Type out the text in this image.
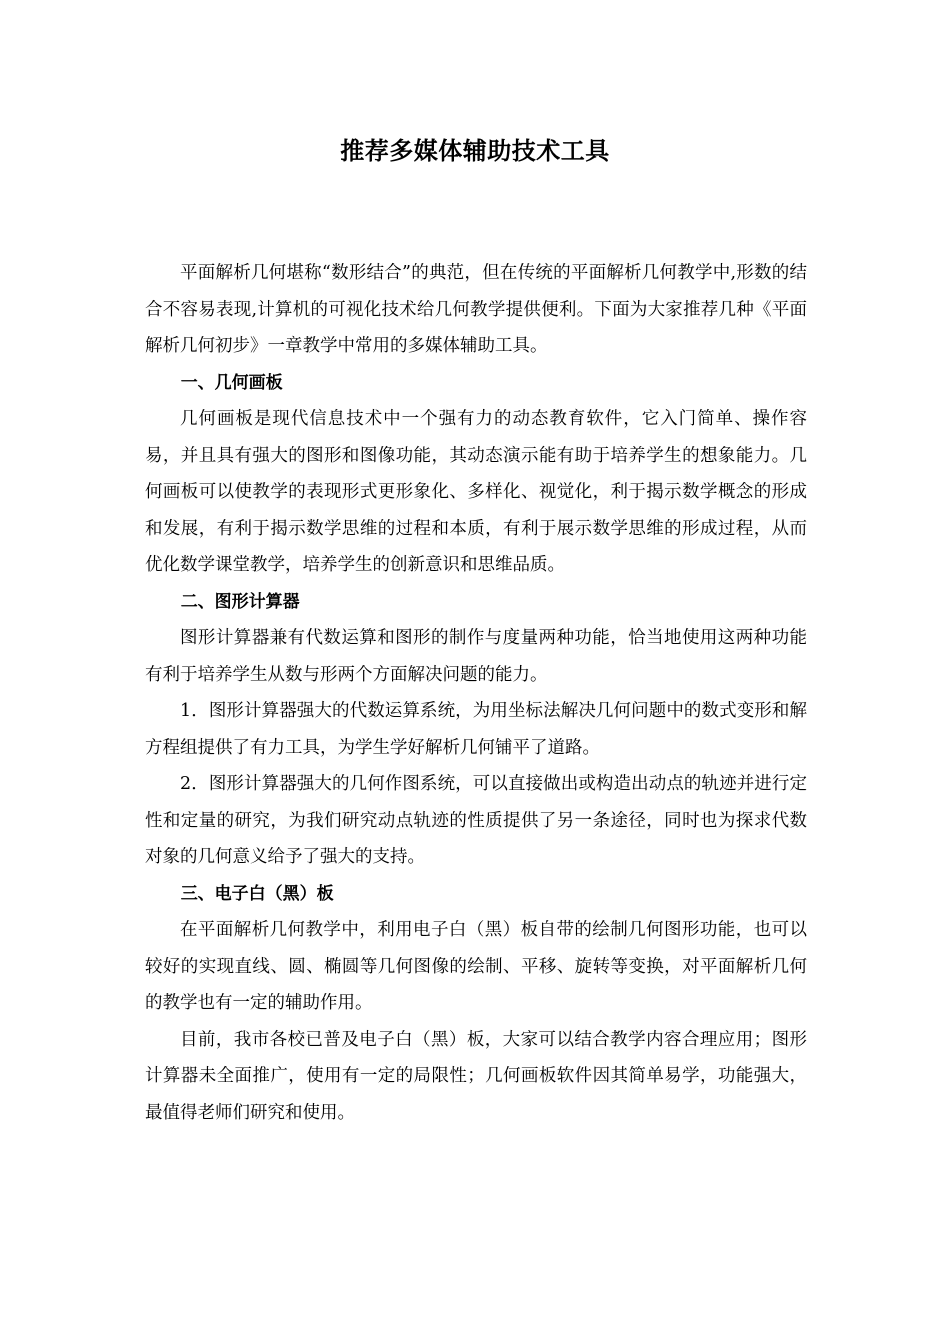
推荐多媒体辅助技术工具

平面解析几何堪称“数形结合”的典范，但在传统的平面解析几何教学中,形数的结合不容易表现,计算机的可视化技术给几何教学提供便利。下面为大家推荐几种《平面解析几何初步》一章教学中常用的多媒体辅助工具。

一、几何画板

几何画板是现代信息技术中一个强有力的动态教育软件，它入门简单、操作容易，并且具有强大的图形和图像功能，其动态演示能有助于培养学生的想象能力。几何画板可以使教学的表现形式更形象化、多样化、视觉化，利于揭示数学概念的形成和发展，有利于揭示数学思维的过程和本质，有利于展示数学思维的形成过程，从而优化数学课堂教学，培养学生的创新意识和思维品质。

二、图形计算器

图形计算器兼有代数运算和图形的制作与度量两种功能，恰当地使用这两种功能有利于培养学生从数与形两个方面解决问题的能力。

1．图形计算器强大的代数运算系统，为用坐标法解决几何问题中的数式变形和解方程组提供了有力工具，为学生学好解析几何铺平了道路。

2．图形计算器强大的几何作图系统，可以直接做出或构造出动点的轨迹并进行定性和定量的研究，为我们研究动点轨迹的性质提供了另一条途径，同时也为探求代数对象的几何意义给予了强大的支持。

三、电子白（黑）板

在平面解析几何教学中，利用电子白（黑）板自带的绘制几何图形功能，也可以较好的实现直线、圆、椭圆等几何图像的绘制、平移、旋转等变换，对平面解析几何的教学也有一定的辅助作用。

目前，我市各校已普及电子白（黑）板，大家可以结合教学内容合理应用；图形计算器未全面推广，使用有一定的局限性；几何画板软件因其简单易学，功能强大，最值得老师们研究和使用。
